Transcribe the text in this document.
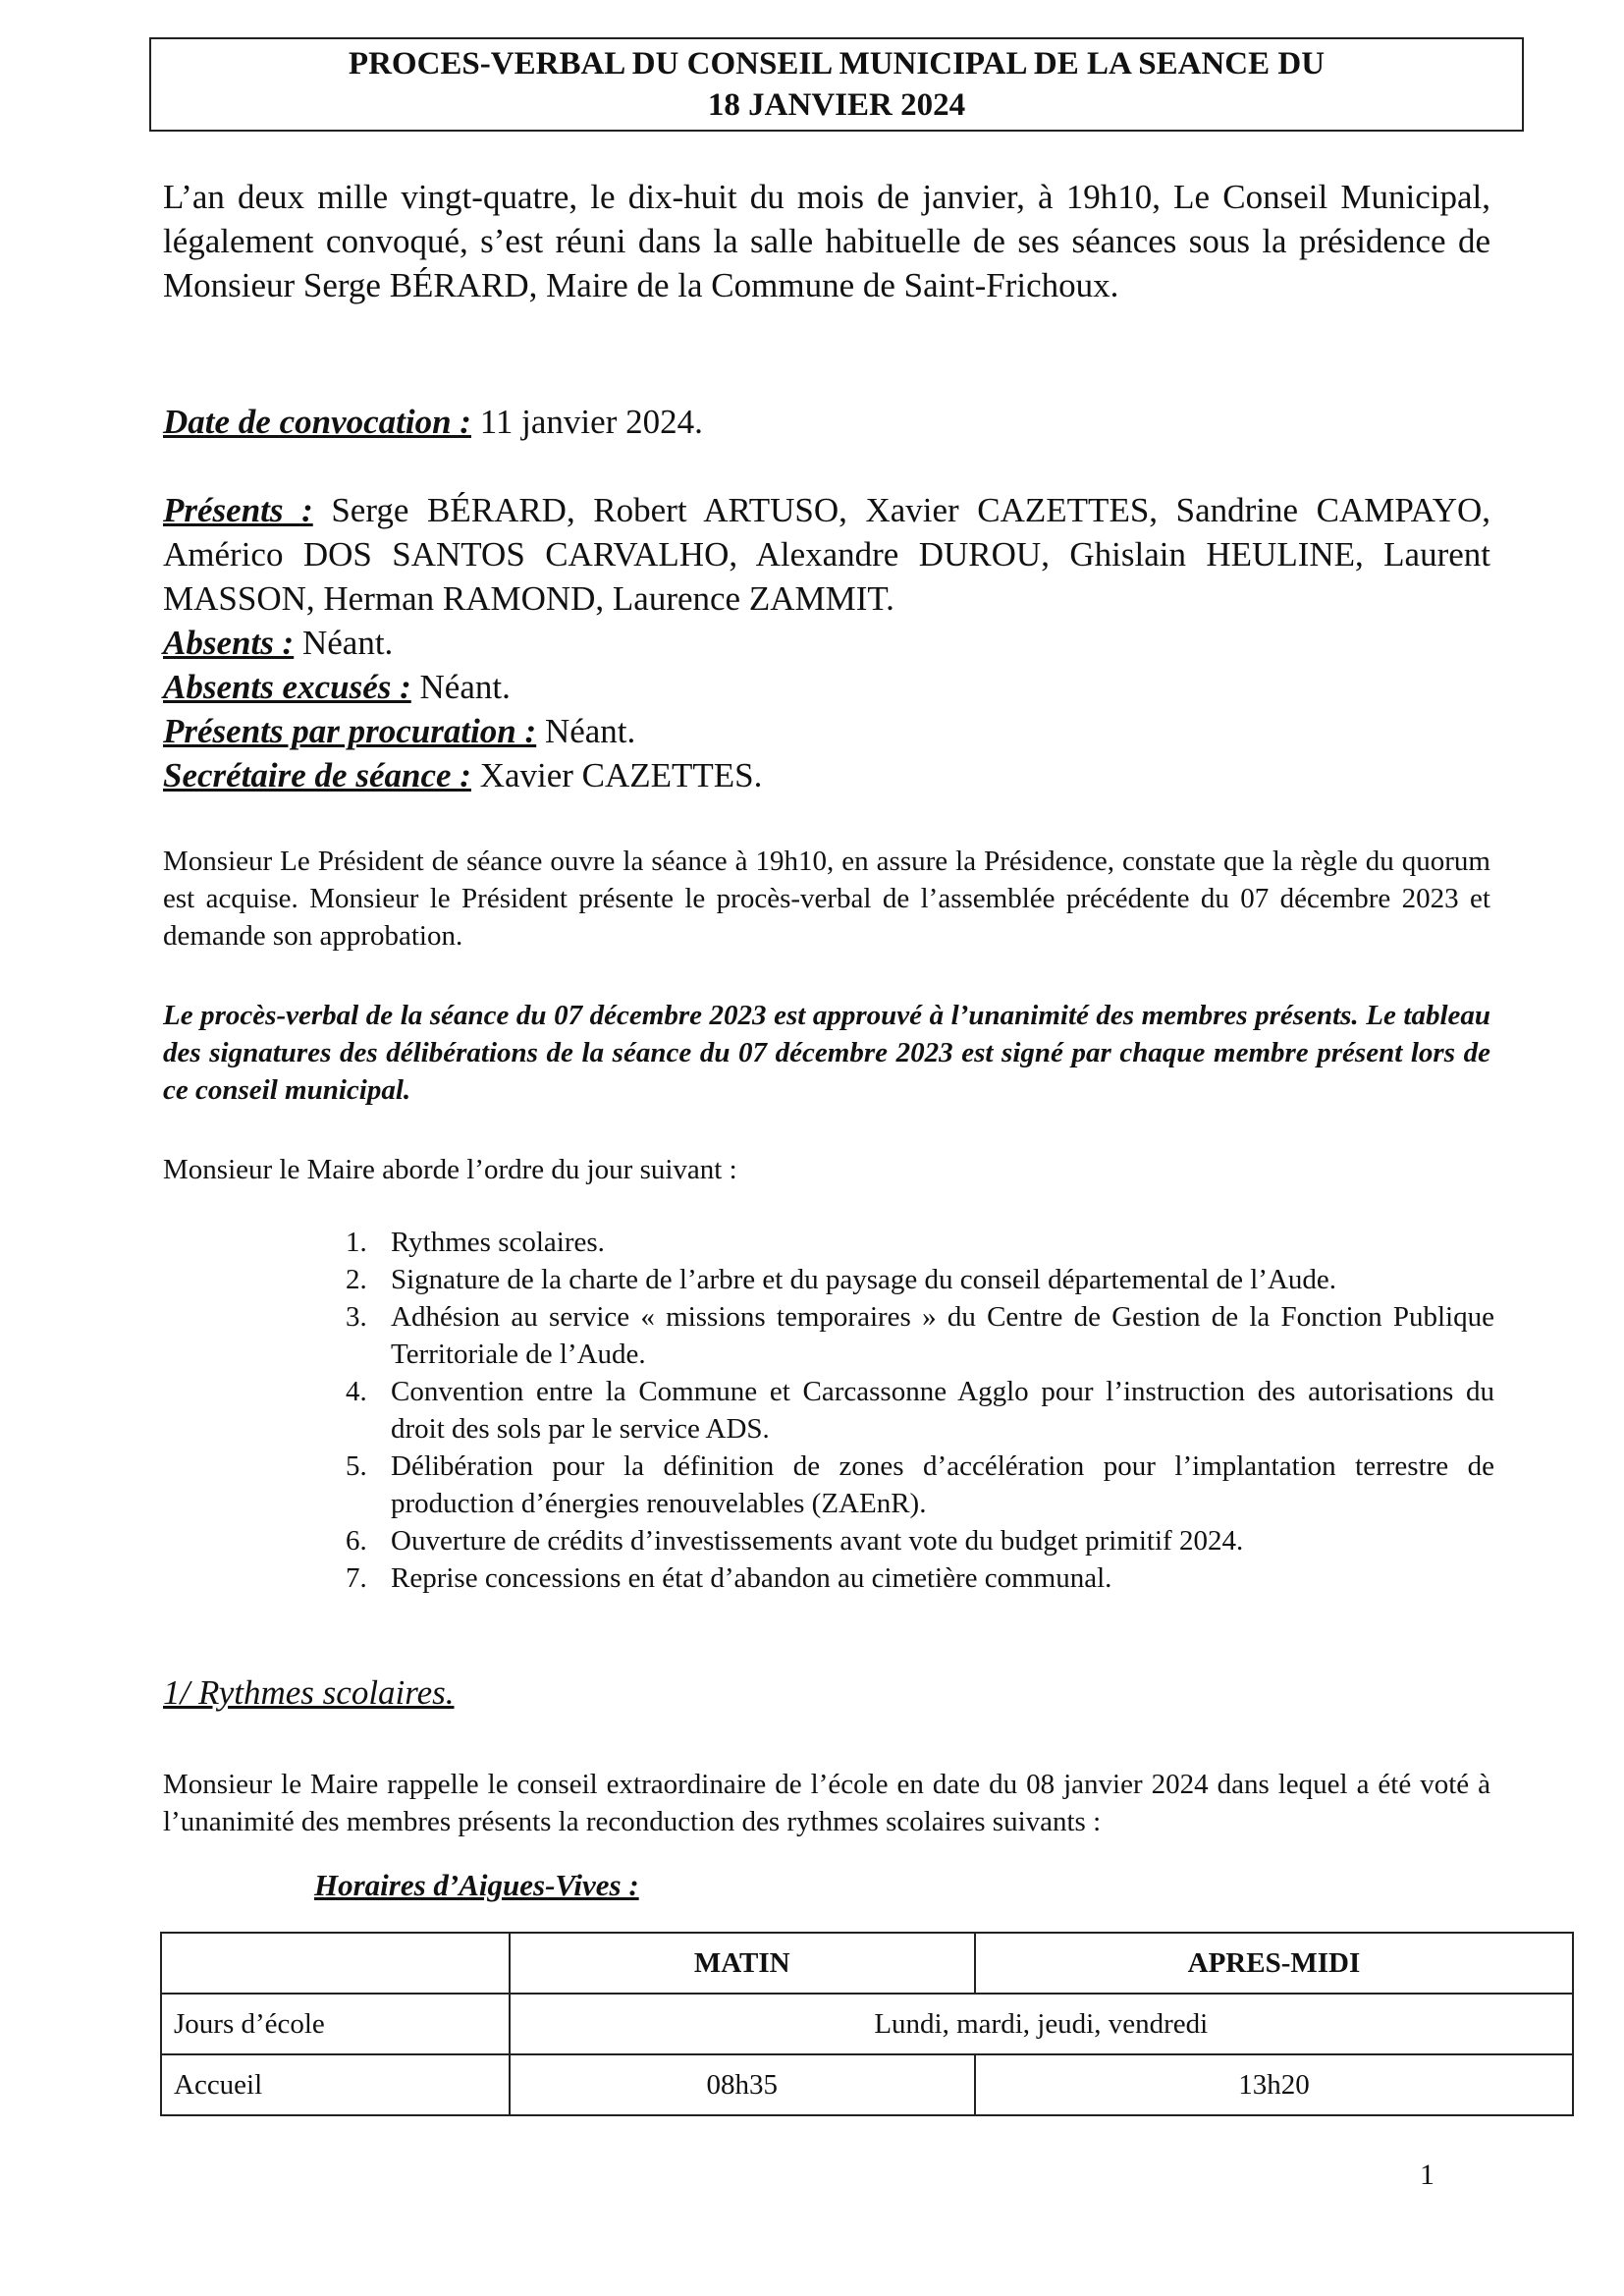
PROCES-VERBAL DU CONSEIL MUNICIPAL DE LA SEANCE DU
18 JANVIER 2024
L’an deux mille vingt-quatre, le dix-huit du mois de janvier, à 19h10, Le Conseil Municipal, légalement convoqué, s’est réuni dans la salle habituelle de ses séances sous la présidence de Monsieur Serge BÉRARD, Maire de la Commune de Saint-Frichoux.
Date de convocation : 11 janvier 2024.
Présents : Serge BÉRARD, Robert ARTUSO, Xavier CAZETTES, Sandrine CAMPAYO, Américo DOS SANTOS CARVALHO, Alexandre DUROU, Ghislain HEULINE, Laurent MASSON, Herman RAMOND, Laurence ZAMMIT.
Absents : Néant.
Absents excusés : Néant.
Présents par procuration : Néant.
Secrétaire de séance : Xavier CAZETTES.
Monsieur Le Président de séance ouvre la séance à 19h10, en assure la Présidence, constate que la règle du quorum est acquise. Monsieur le Président présente le procès-verbal de l’assemblée précédente du 07 décembre 2023 et demande son approbation.
Le procès-verbal de la séance du 07 décembre 2023 est approuvé à l’unanimité des membres présents. Le tableau des signatures des délibérations de la séance du 07 décembre 2023 est signé par chaque membre présent lors de ce conseil municipal.
Monsieur le Maire aborde l’ordre du jour suivant :
1. Rythmes scolaires.
2. Signature de la charte de l’arbre et du paysage du conseil départemental de l’Aude.
3. Adhésion au service « missions temporaires » du Centre de Gestion de la Fonction Publique Territoriale de l’Aude.
4. Convention entre la Commune et Carcassonne Agglo pour l’instruction des autorisations du droit des sols par le service ADS.
5. Délibération pour la définition de zones d’accélération pour l’implantation terrestre de production d’énergies renouvelables (ZAEnR).
6. Ouverture de crédits d’investissements avant vote du budget primitif 2024.
7. Reprise concessions en état d’abandon au cimetière communal.
1/ Rythmes scolaires.
Monsieur le Maire rappelle le conseil extraordinaire de l’école en date du 08 janvier 2024 dans lequel a été voté à l’unanimité des membres présents la reconduction des rythmes scolaires suivants :
Horaires d’Aigues-Vives :
	MATIN	APRES-MIDI
Jours d’école	Lundi, mardi, jeudi, vendredi	
Accueil	08h35	13h20
1
